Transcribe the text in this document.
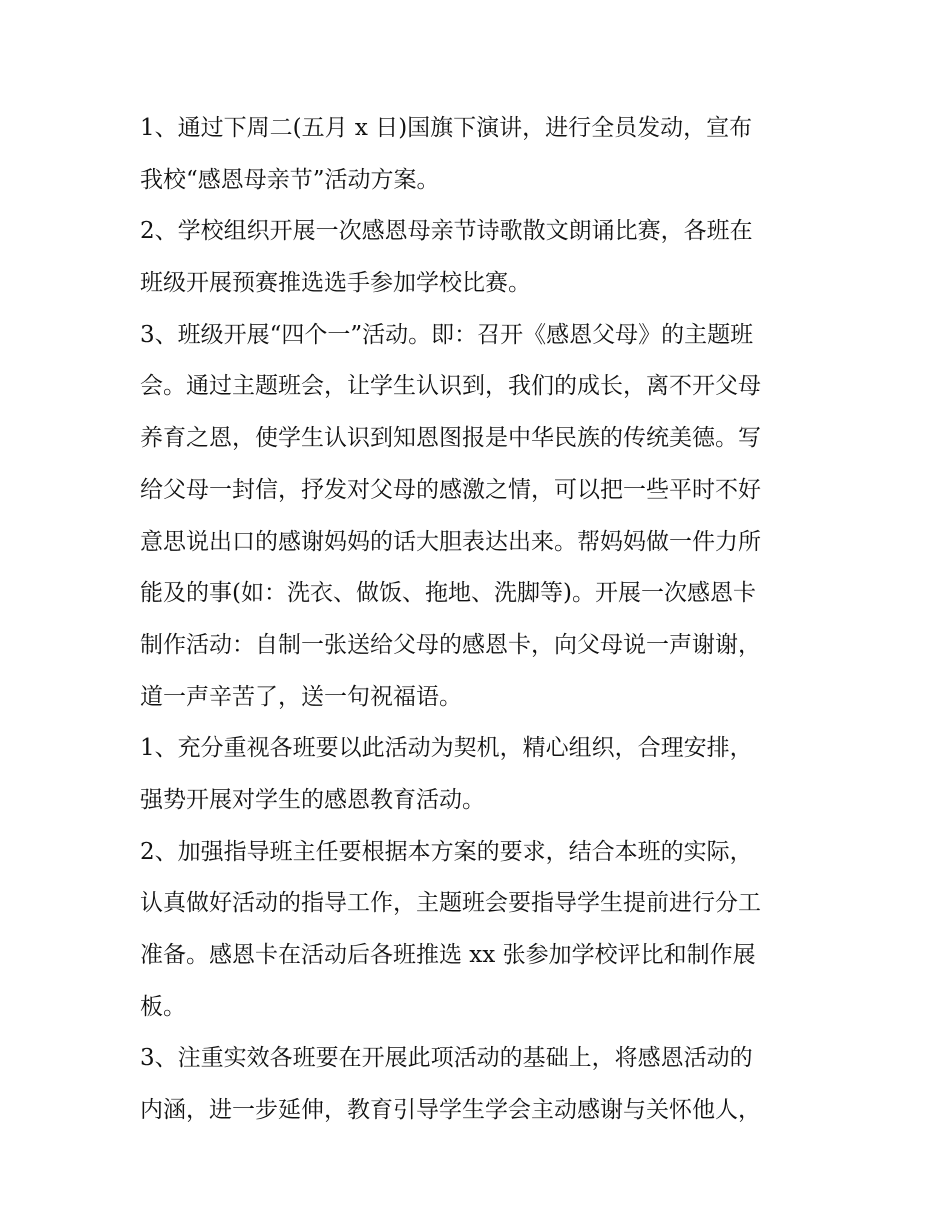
1、通过下周二(五月 x 日)国旗下演讲，进行全员发动，宣布
我校“感恩母亲节”活动方案。

2、学校组织开展一次感恩母亲节诗歌散文朗诵比赛，各班在
班级开展预赛推选选手参加学校比赛。

3、班级开展“四个一”活动。即：召开《感恩父母》的主题班
会。通过主题班会，让学生认识到，我们的成长，离不开父母
养育之恩，使学生认识到知恩图报是中华民族的传统美德。写
给父母一封信，抒发对父母的感激之情，可以把一些平时不好
意思说出口的感谢妈妈的话大胆表达出来。帮妈妈做一件力所
能及的事(如：洗衣、做饭、拖地、洗脚等)。开展一次感恩卡
制作活动：自制一张送给父母的感恩卡，向父母说一声谢谢，
道一声辛苦了，送一句祝福语。

1、充分重视各班要以此活动为契机，精心组织，合理安排，
强势开展对学生的感恩教育活动。

2、加强指导班主任要根据本方案的要求，结合本班的实际，
认真做好活动的指导工作，主题班会要指导学生提前进行分工
准备。感恩卡在活动后各班推选 xx 张参加学校评比和制作展
板。

3、注重实效各班要在开展此项活动的基础上，将感恩活动的
内涵，进一步延伸，教育引导学生学会主动感谢与关怀他人，
